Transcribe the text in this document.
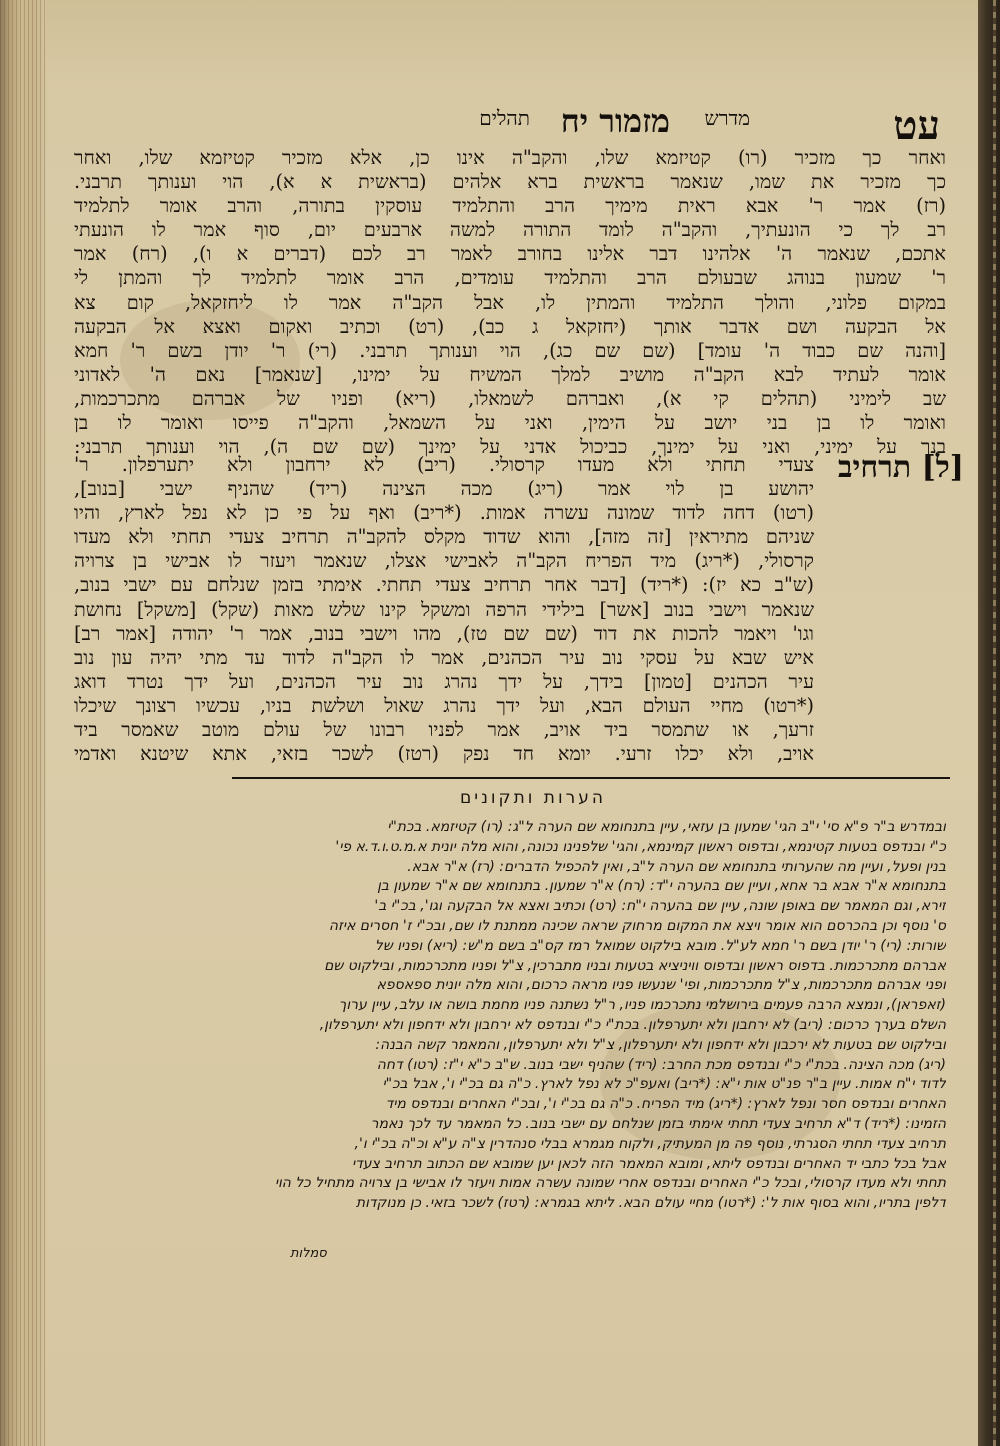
עט
מדרש
מזמור יח
תהלים
ואחר כך מזכיר (רו) קטיזמא שלו, והקב"ה אינו כן, אלא מזכיר קטיזמא שלו, ואחר
כך מזכיר את שמו, שנאמר בראשית ברא אלהים (בראשית א א), הוי וענותך תרבני.
(רז) אמר ר' אבא ראית מימיך הרב והתלמיד עוסקין בתורה, והרב אומר לתלמיד
רב לך כי הונעתיך, והקב"ה לומד התורה למשה ארבעים יום, סוף אמר לו הונעתי
אתכם, שנאמר ה' אלהינו דבר אלינו בחורב לאמר רב לכם (דברים א ו), (רח) אמר
ר' שמעון בנוהג שבעולם הרב והתלמיד עומדים, הרב אומר לתלמיד לך והמתן לי
במקום פלוני, והולך התלמיד והמתין לו, אבל הקב"ה אמר לו ליחזקאל, קום צא
אל הבקעה ושם אדבר אותך (יחזקאל ג כב), (רט) וכתיב ואקום ואצא אל הבקעה
[והנה שם כבוד ה' עומד] (שם שם כג), הוי וענותך תרבני. (רי) ר' יודן בשם ר' חמא
אומר לעתיד לבא הקב"ה מושיב למלך המשיח על ימינו, [שנאמר] נאם ה' לאדוני
שב לימיני (תהלים קי א), ואברהם לשמאלו, (ריא) ופניו של אברהם מתכרכמות,
ואומר לו בן בני יושב על הימין, ואני על השמאל, והקב"ה פייסו ואומר לו בן
בנך על ימיני, ואני על ימינך, כביכול אדני על ימינך (שם שם ה), הוי וענותך תרבני:
[ל] תרחיב
צעדי תחתי ולא מעדו קרסולי. (ריב) לא ירחבון ולא יתערפלון. ר'
יהושע בן לוי אמר (ריג) מכה הצינה (ריד) שהניף ישבי [בנוב],
(רטו) דחה לדוד שמונה עשרה אמות. (*ריב) ואף על פי כן לא נפל לארץ, והיו
שניהם מתיראין [זה מזה], והוא שדוד מקלס להקב"ה תרחיב צעדי תחתי ולא מעדו
קרסולי, (*ריג) מיד הפריח הקב"ה לאבישי אצלו, שנאמר ויעזר לו אבישי בן צרויה
(ש"ב כא יז): (*ריד) [דבר אחר תרחיב צעדי תחתי. אימתי בזמן שנלחם עם ישבי בנוב,
שנאמר וישבי בנוב [אשר] בילידי הרפה ומשקל קינו שלש מאות (שקל) [משקל] נחושת
וגו' ויאמר להכות את דוד (שם שם טז), מהו וישבי בנוב, אמר ר' יהודה [אמר רב]
איש שבא על עסקי נוב עיר הכהנים, אמר לו הקב"ה לדוד עד מתי יהיה עון נוב
עיר הכהנים [טמון] בידך, על ידך נהרג נוב עיר הכהנים, ועל ידך נטרד דואג
(*רטו) מחיי העולם הבא, ועל ידך נהרג שאול ושלשת בניו, עכשיו רצונך שיכלו
זרעך, או שתמסר ביד אויב, אמר לפניו רבונו של עולם מוטב שאמסר ביד
אויב, ולא יכלו זרעי. יומא חד נפק (רטז) לשכר בזאי, אתא שיטנא ואדמי
הערות ותקונים
ובמדרש ב"ר פ"א סי' י"ב הגי' שמעון בן עזאי, עיין בתנחומא שם הערה ל"ג: (רו) קטיזמא. בכת"י
כ"י ובנדפס בטעות קטינמא, ובדפוס ראשון קמינמא, והגי' שלפנינו נכונה, והוא מלה יונית א.מ.ט.ו.ד.א פי'
בנין ופעל, ועיין מה שהערותי בתנחומא שם הערה ל"ב, ואין להכפיל הדברים: (רז) א"ר אבא.
בתנחומא א"ר אבא בר אחא, ועיין שם בהערה י"ד: (רח) א"ר שמעון. בתנחומא שם א"ר שמעון בן
זירא, וגם המאמר שם באופן שונה, עיין שם בהערה י"ח: (רט) וכתיב ואצא אל הבקעה וגו', בכ"י ב'
ס' נוסף וכן בהכרסם הוא אומר ויצא את המקום מרחוק שראה שכינה ממתנת לו שם, ובכ"י ז' חסרים איזה
שורות: (רי) ר' יודן בשם ר' חמא לע"ל. מובא בילקוט שמואל רמז קס"ב בשם מ"ש: (ריא) ופניו של
אברהם מתכרכמות. בדפוס ראשון ובדפוס וויניציא בטעות ובניו מתברכין, צ"ל ופניו מתכרכמות, ובילקוט שם
ופני אברהם מתכרכמות, צ"ל מתכרכמות, ופי' שנעשו פניו מראה כרכום, והוא מלה יונית ספאספא
(זאפראן), ונמצא הרבה פעמים בירושלמי נתכרכמו פניו, ר"ל נשתנה פניו מחמת בושה או עלב, עיין ערוך
השלם בערך כרכום: (ריב) לא ירחבון ולא יתערפלון. בכת"י כ"י ובנדפס לא ירחבון ולא ידחפון ולא יתערפלון,
ובילקוט שם בטעות לא ירכבון ולא ידחפון ולא יתערפלון, צ"ל ולא יתערפלון, והמאמר קשה הבנה:
(ריג) מכה הצינה. בכת"י כ"י ובנדפס מכת החרב: (ריד) שהניף ישבי בנוב. ש"ב כ"א י"ז: (רטו) דחה
לדוד י"ח אמות. עיין ב"ר פנ"ט אות י"א: (*ריב) ואעפ"כ לא נפל לארץ. כ"ה גם בכ"י ו', אבל בכ"י
האחרים ובנדפס חסר ונפל לארץ: (*ריג) מיד הפריח. כ"ה גם בכ"י ו', ובכ"י האחרים ובנדפס מיד
הזמינו: (*ריד) ד"א תרחיב צעדי תחתי אימתי בזמן שנלחם עם ישבי בנוב. כל המאמר עד לכך נאמר
תרחיב צעדי תחתי הסגרתי, נוסף פה מן המעתיק, ולקוח מגמרא בבלי סנהדרין צ"ה ע"א וכ"ה בכ"י ו',
אבל בכל כתבי יד האחרים ובנדפס ליתא, ומובא המאמר הזה לכאן יען שמובא שם הכתוב תרחיב צעדי
תחתי ולא מעדו קרסולי, ובכל כ"י האחרים ובנדפס אחרי שמונה עשרה אמות ויעזר לו אבישי בן צרויה מתחיל כל הוי
דלפין בתריו, והוא בסוף אות ל': (*רטו) מחיי עולם הבא. ליתא בגמרא: (רטז) לשכר בזאי. כן מנוקדות
סמלות
